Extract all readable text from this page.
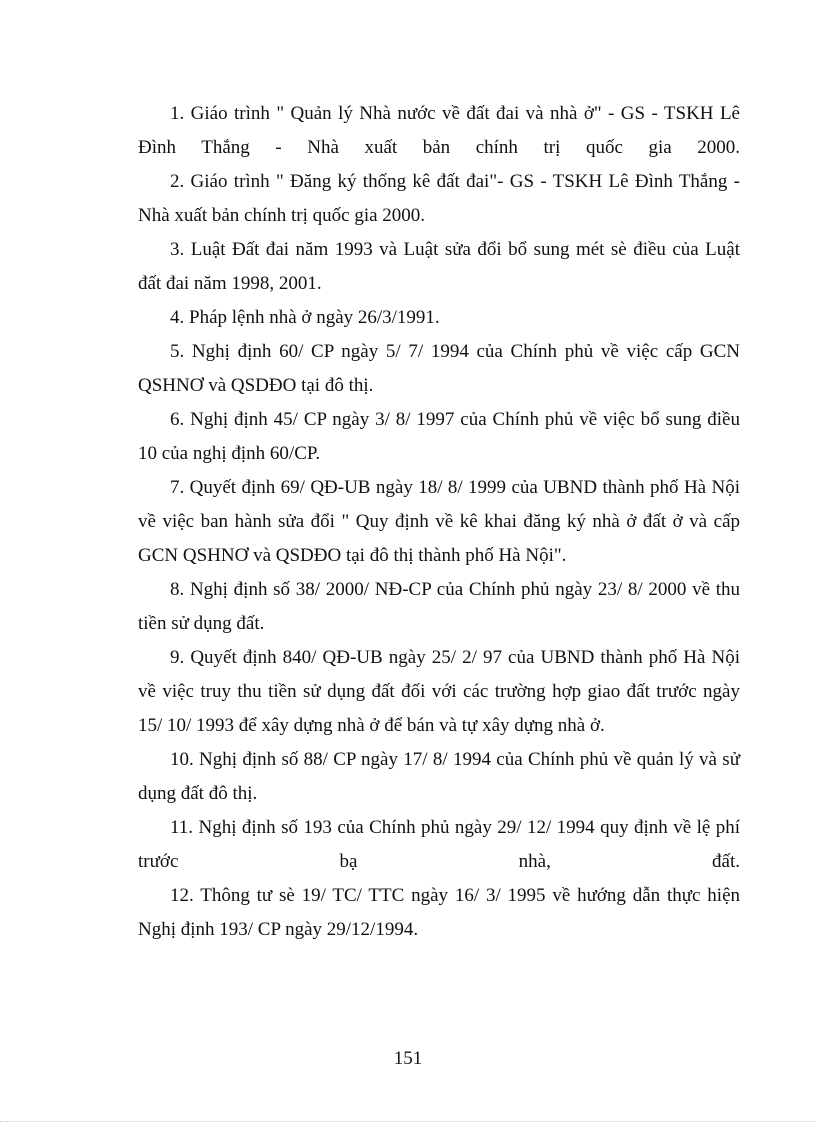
1. Giáo trình " Quản lý Nhà nước về đất đai và nhà ở" - GS - TSKH Lê Đình Thắng - Nhà xuất bản chính trị quốc gia 2000.

2. Giáo trình " Đăng ký thống kê đất đai"- GS - TSKH Lê Đình Thắng - Nhà xuất bản chính trị quốc gia 2000.

3. Luật Đất đai năm 1993 và Luật sửa đổi bổ sung mét sè điều của Luật đất đai năm 1998, 2001.

4. Pháp lệnh nhà ở ngày 26/3/1991.

5. Nghị định 60/ CP ngày 5/ 7/ 1994 của Chính phủ về việc cấp GCN QSHNƠ và QSDĐO tại đô thị.

6. Nghị định 45/ CP ngày 3/ 8/ 1997 của Chính phủ về việc bổ sung điều 10 của nghị định 60/CP.

7. Quyết định 69/ QĐ-UB ngày 18/ 8/ 1999 của UBND thành phố Hà Nội về việc ban hành sửa đổi " Quy định về kê khai đăng ký nhà ở đất ở và cấp GCN QSHNƠ và QSDĐO tại đô thị thành phố Hà Nội".

8. Nghị định số 38/ 2000/ NĐ-CP của Chính phủ ngày 23/ 8/ 2000 về thu tiền sử dụng đất.

9. Quyết định 840/ QĐ-UB ngày 25/ 2/ 97 của UBND thành phố Hà Nội về việc truy thu tiền sử dụng đất đối với các trường hợp giao đất trước ngày 15/ 10/ 1993 để xây dựng nhà ở để bán và tự xây dựng nhà ở.

10. Nghị định số 88/ CP ngày 17/ 8/ 1994 của Chính phủ về quản lý và sử dụng đất đô thị.

11. Nghị định số 193 của Chính phủ ngày 29/ 12/ 1994 quy định về lệ phí trước bạ nhà, đất.

12. Thông tư sè 19/ TC/ TTC ngày 16/ 3/ 1995 về hướng dẫn thực hiện Nghị định 193/ CP ngày 29/12/1994.

151
